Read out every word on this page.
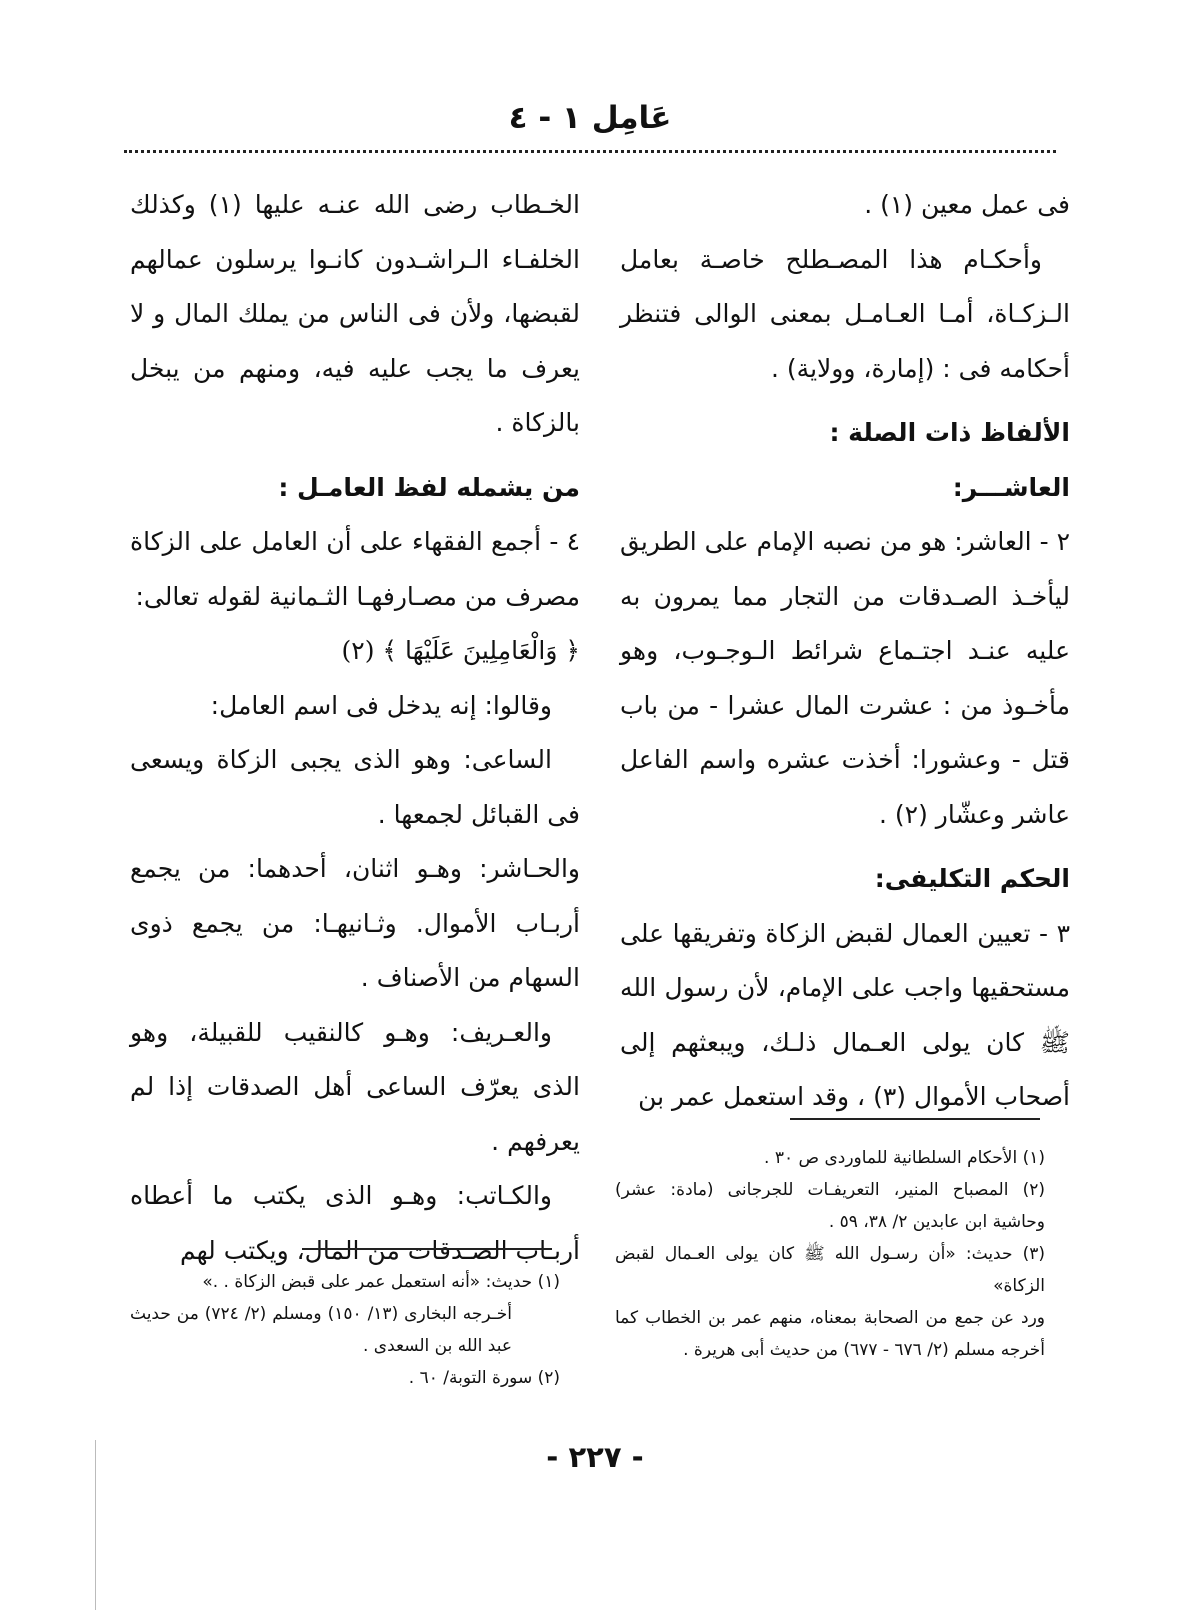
عَامِل ١ - ٤

فى عمل معين (١) .

وأحكـام هذا المصـطلح خاصـة بعامل الـزكـاة، أمـا العـامـل بمعنى الوالى فتنظر أحكامه فى : (إمارة، وولاية) .

الألفاظ ذات الصلة :

العاشـــر:

٢ - العاشر: هو من نصبه الإمام على الطريق ليأخـذ الصـدقات من التجار مما يمرون به عليه عنـد اجتـماع شرائط الـوجـوب، وهو مأخـوذ من : عشرت المال عشرا - من باب قتل - وعشورا: أخذت عشره واسم الفاعل عاشر وعشّار (٢) .

الحكم التكليفى:

٣ - تعيين العمال لقبض الزكاة وتفريقها على مستحقيها واجب على الإمام، لأن رسول الله ﷺ كان يولى العـمال ذلـك، ويبعثهم إلى أصحاب الأموال (٣) ، وقد استعمل عمر بن

الخـطاب رضى الله عنـه عليها (١) وكذلك الخلفـاء الـراشـدون كانـوا يرسلون عمالهم لقبضها، ولأن فى الناس من يملك المال و لا يعرف ما يجب عليه فيه، ومنهم من يبخل بالزكاة .

من يشمله لفظ العامـل :

٤ - أجمع الفقهاء على أن العامل على الزكاة مصرف من مصـارفهـا الثـمانية لقوله تعالى:

﴿ وَالْعَامِلِينَ عَلَيْهَا ﴾ (٢)

وقالوا: إنه يدخل فى اسم العامل:

الساعى: وهو الذى يجبى الزكاة ويسعى فى القبائل لجمعها .

والحـاشر: وهـو اثنان، أحدهما: من يجمع أربـاب الأموال. وثـانيهـا: من يجمع ذوى السهام من الأصناف .

والعـريف: وهـو كالنقيب للقبيلة، وهو الذى يعرّف الساعى أهل الصدقات إذا لم يعرفهم .

والكـاتب: وهـو الذى يكتب ما أعطاه أربـاب الصـدقات من المال، ويكتب لهم

(١) الأحكام السلطانية للماوردى ص ٣٠ .

(٢) المصباح المنير، التعريفـات للجرجانى (مادة: عشر) وحاشية ابن عابدين ٢/ ٣٨، ٥٩ .

(٣) حديث: «أن رسـول الله ﷺ كان يولى العـمال لقبض الزكاة»

ورد عن جمع من الصحابة بمعناه، منهم عمر بن الخطاب كما أخرجه مسلم (٢/ ٦٧٦ - ٦٧٧) من حديث أبى هريرة .

(١) حديث: «أنه استعمل عمر على قبض الزكاة . .»

أخـرجه البخارى (١٣/ ١٥٠) ومسلم (٢/ ٧٢٤) من حديث عبد الله بن السعدى .

(٢) سورة التوبة/ ٦٠ .

- ٢٢٧ -
